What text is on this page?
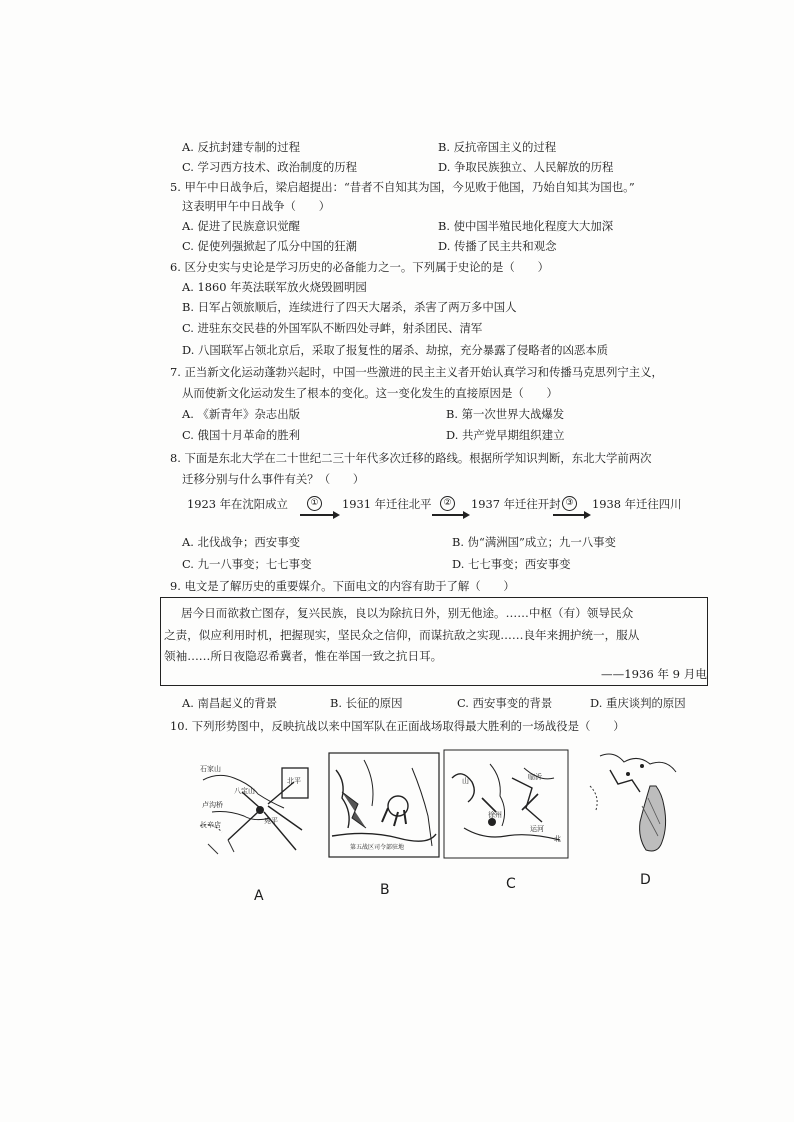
A. 反抗封建专制的过程	B. 反抗帝国主义的过程
C. 学习西方技术、政治制度的历程	D. 争取民族独立、人民解放的历程
5. 甲午中日战争后，梁启超提出：“昔者不自知其为国，今见败于他国，乃始自知其为国也。”
这表明甲午中日战争（　　）
A. 促进了民族意识觉醒	B. 使中国半殖民地化程度大大加深
C. 促使列强掀起了瓜分中国的狂潮	D. 传播了民主共和观念
6. 区分史实与史论是学习历史的必备能力之一。下列属于史论的是（　　）
A. 1860 年英法联军放火烧毁圆明园
B. 日军占领旅顺后，连续进行了四天大屠杀，杀害了两万多中国人
C. 进驻东交民巷的外国军队不断四处寻衅，射杀团民、清军
D. 八国联军占领北京后，采取了报复性的屠杀、劫掠，充分暴露了侵略者的凶恶本质
7. 正当新文化运动蓬勃兴起时，中国一些激进的民主主义者开始认真学习和传播马克思列宁主义，
从而使新文化运动发生了根本的变化。这一变化发生的直接原因是（　　）
A. 《新青年》杂志出版	B. 第一次世界大战爆发
C. 俄国十月革命的胜利	D. 共产党早期组织建立
8. 下面是东北大学在二十世纪二三十年代多次迁移的路线。根据所学知识判断，东北大学前两次
迁移分别与什么事件有关？（　　）
1923 年在沈阳成立	①	1931 年迁往北平	②	1937 年迁往开封 ③	1938 年迁往四川
A. 北伐战争；西安事变	B. 伪“满洲国”成立；九一八事变
C. 九一八事变；七七事变	D. 七七事变；西安事变
9. 电文是了解历史的重要媒介。下面电文的内容有助于了解（　　）
居今日而欲救亡图存，复兴民族，良以为除抗日外，别无他途。……中枢（有）领导民众
之责，似应利用时机，把握现实，坚民众之信仰，而谋抗敌之实现……良年来拥护统一，服从
领袖……所日夜隐忍希冀者，惟在举国一致之抗日耳。
——1936 年 9 月电
A. 南昌起义的背景	B. 长征的原因	C. 西安事变的背景	D. 重庆谈判的原因
10. 下列形势图中，反映抗战以来中国军队在正面战场取得最大胜利的一场战役是（　　）
石家山
北平
八宝山
卢沟桥
长辛店	宛平
A
第五战区司令部驻地
B
山	临沂
徐州
运河
北
C	D
